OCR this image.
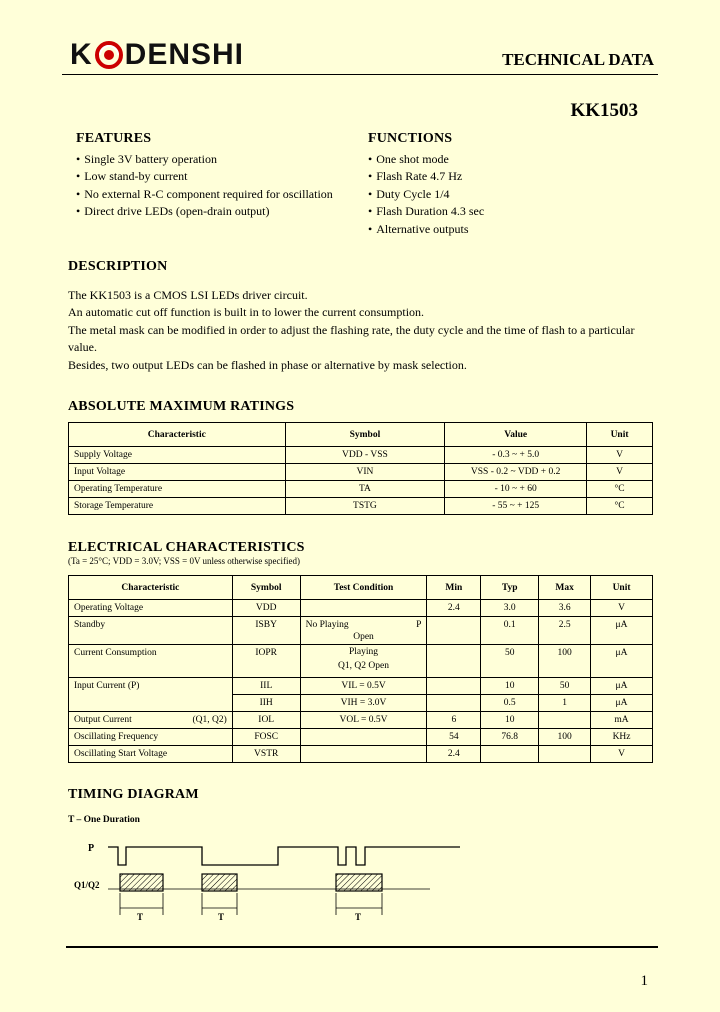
K DENSHI	TECHNICAL DATA
KK1503
FEATURES
• Single 3V battery operation
• Low stand-by current
• No external R-C component required for oscillation
• Direct drive LEDs (open-drain output)
FUNCTIONS
• One shot mode
• Flash Rate 4.7 Hz
• Duty Cycle 1/4
• Flash Duration 4.3 sec
• Alternative outputs
DESCRIPTION

The KK1503 is a CMOS LSI LEDs driver circuit.

An automatic cut off function is built in to lower the current consumption.

The metal mask can be modified in order to adjust the flashing rate, the duty cycle and the time of flash to a particular value.

Besides, two output LEDs can be flashed in phase or alternative by mask selection.

ABSOLUTE MAXIMUM RATINGS
Characteristic	Symbol	Value	Unit
Supply Voltage	VDD - VSS	- 0.3 ~ + 5.0	V
Input Voltage	VIN	VSS - 0.2 ~ VDD + 0.2	V
Operating Temperature	TA	- 10 ~ + 60	°C
Storage Temperature	TSTG	- 55 ~ + 125	°C
ELECTRICAL CHARACTERISTICS
(Ta = 25°C; VDD = 3.0V; VSS = 0V unless otherwise specified)
Characteristic	Symbol	Test Condition	Min	Typ	Max	Unit
Operating Voltage	VDD		2.4	3.0	3.6	V
Standby	ISBY	No Playing P
Open		0.1	2.5	μA
Current Consumption	IOPR	Playing
Q1, Q2 Open		50	100	μA
Input Current (P)	IIL	VIL = 0.5V		10	50	μA
	IIH	VIH = 3.0V		0.5	1	μA

Output Current (Q1, Q2)	IOL	VOL = 0.5V	6	10		mA
Oscillating Frequency	FOSC		54	76.8	100	KHz
Oscillating Start Voltage	VSTR		2.4			V
TIMING DIAGRAM
T – One Duration
P
Q1/Q2
T	T	T
1
